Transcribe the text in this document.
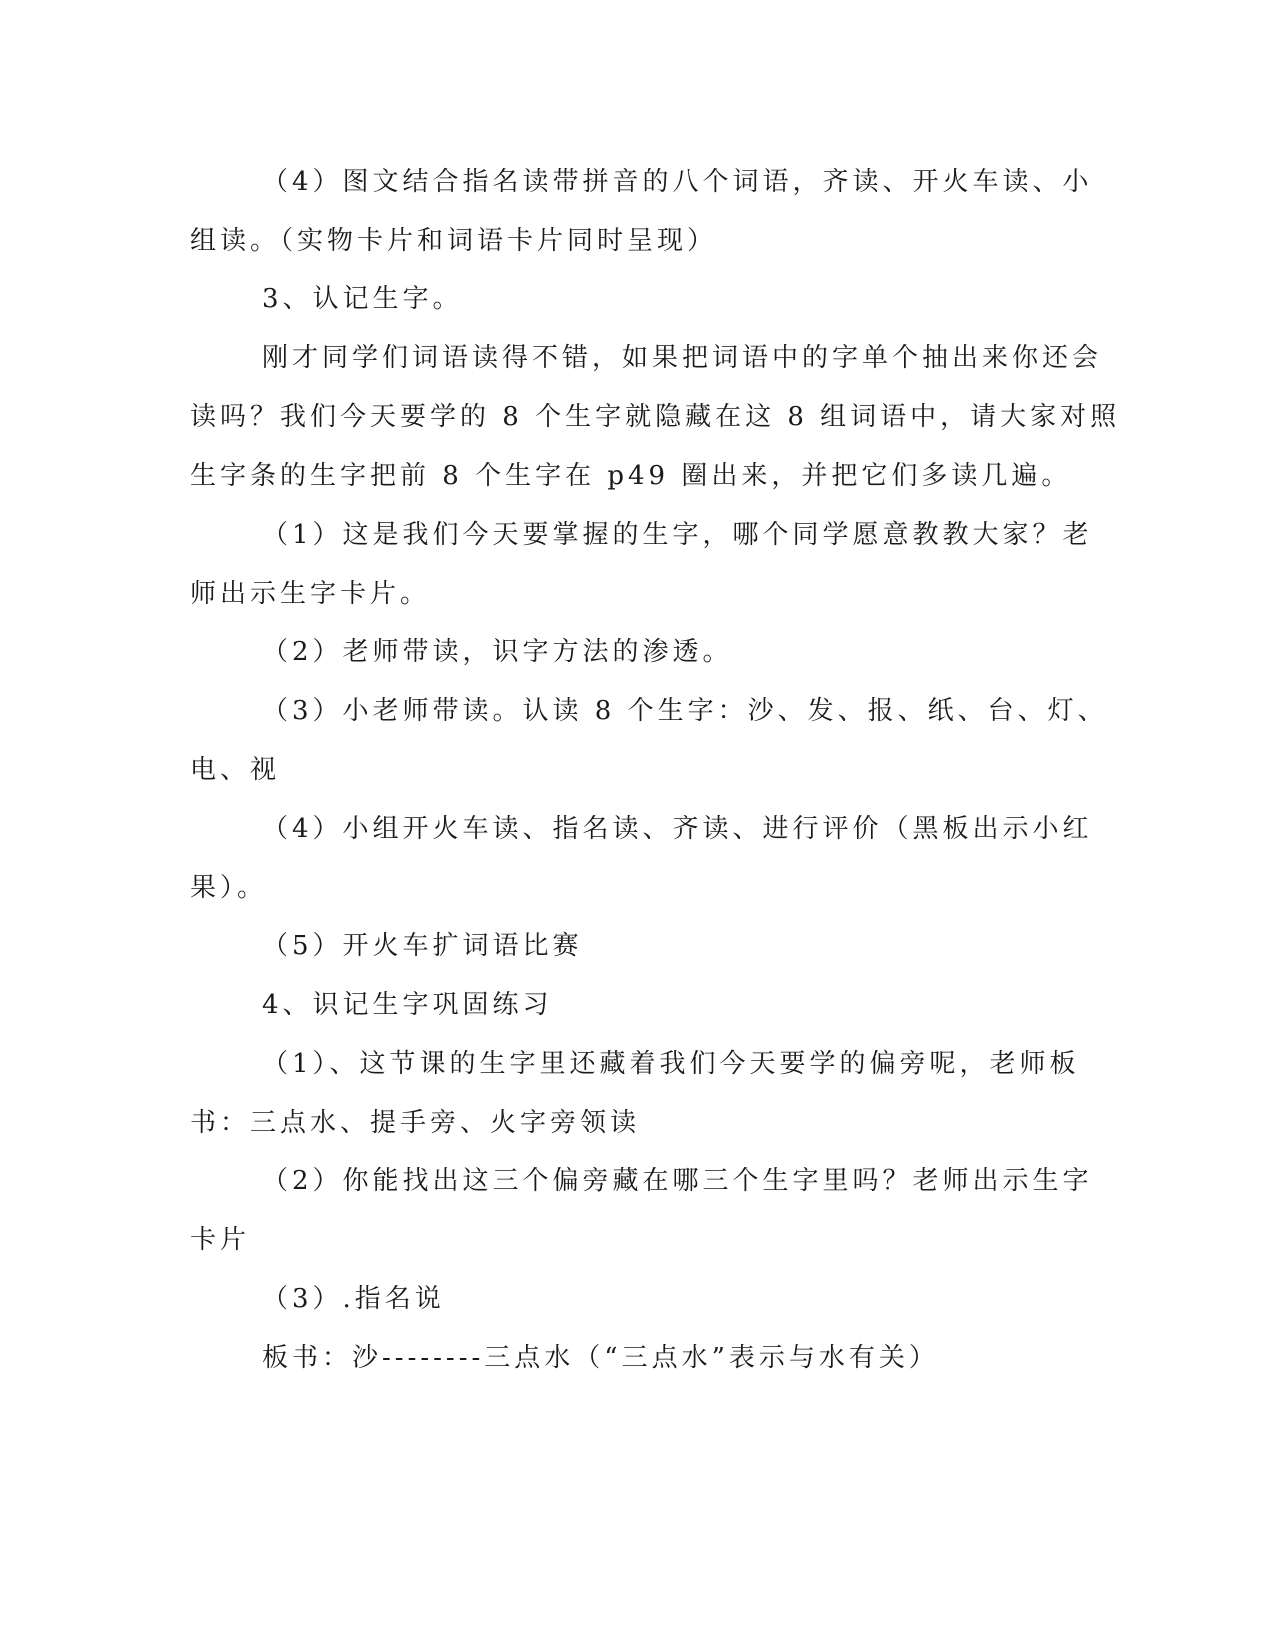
（4）图文结合指名读带拼音的八个词语，齐读、开火车读、小
组读。（实物卡片和词语卡片同时呈现）
3、认记生字。
刚才同学们词语读得不错，如果把词语中的字单个抽出来你还会
读吗？我们今天要学的 8 个生字就隐藏在这 8 组词语中，请大家对照
生字条的生字把前 8 个生字在 p49 圈出来，并把它们多读几遍。
（1）这是我们今天要掌握的生字，哪个同学愿意教教大家？老
师出示生字卡片。
（2）老师带读，识字方法的渗透。
（3）小老师带读。认读 8 个生字：沙、发、报、纸、台、灯、
电、视
（4）小组开火车读、指名读、齐读、进行评价（黑板出示小红
果）。
（5）开火车扩词语比赛
4、识记生字巩固练习
（1）、这节课的生字里还藏着我们今天要学的偏旁呢，老师板
书：三点水、提手旁、火字旁领读
（2）你能找出这三个偏旁藏在哪三个生字里吗？老师出示生字
卡片
（3）.指名说
板书：沙--------三点水（“三点水”表示与水有关）
